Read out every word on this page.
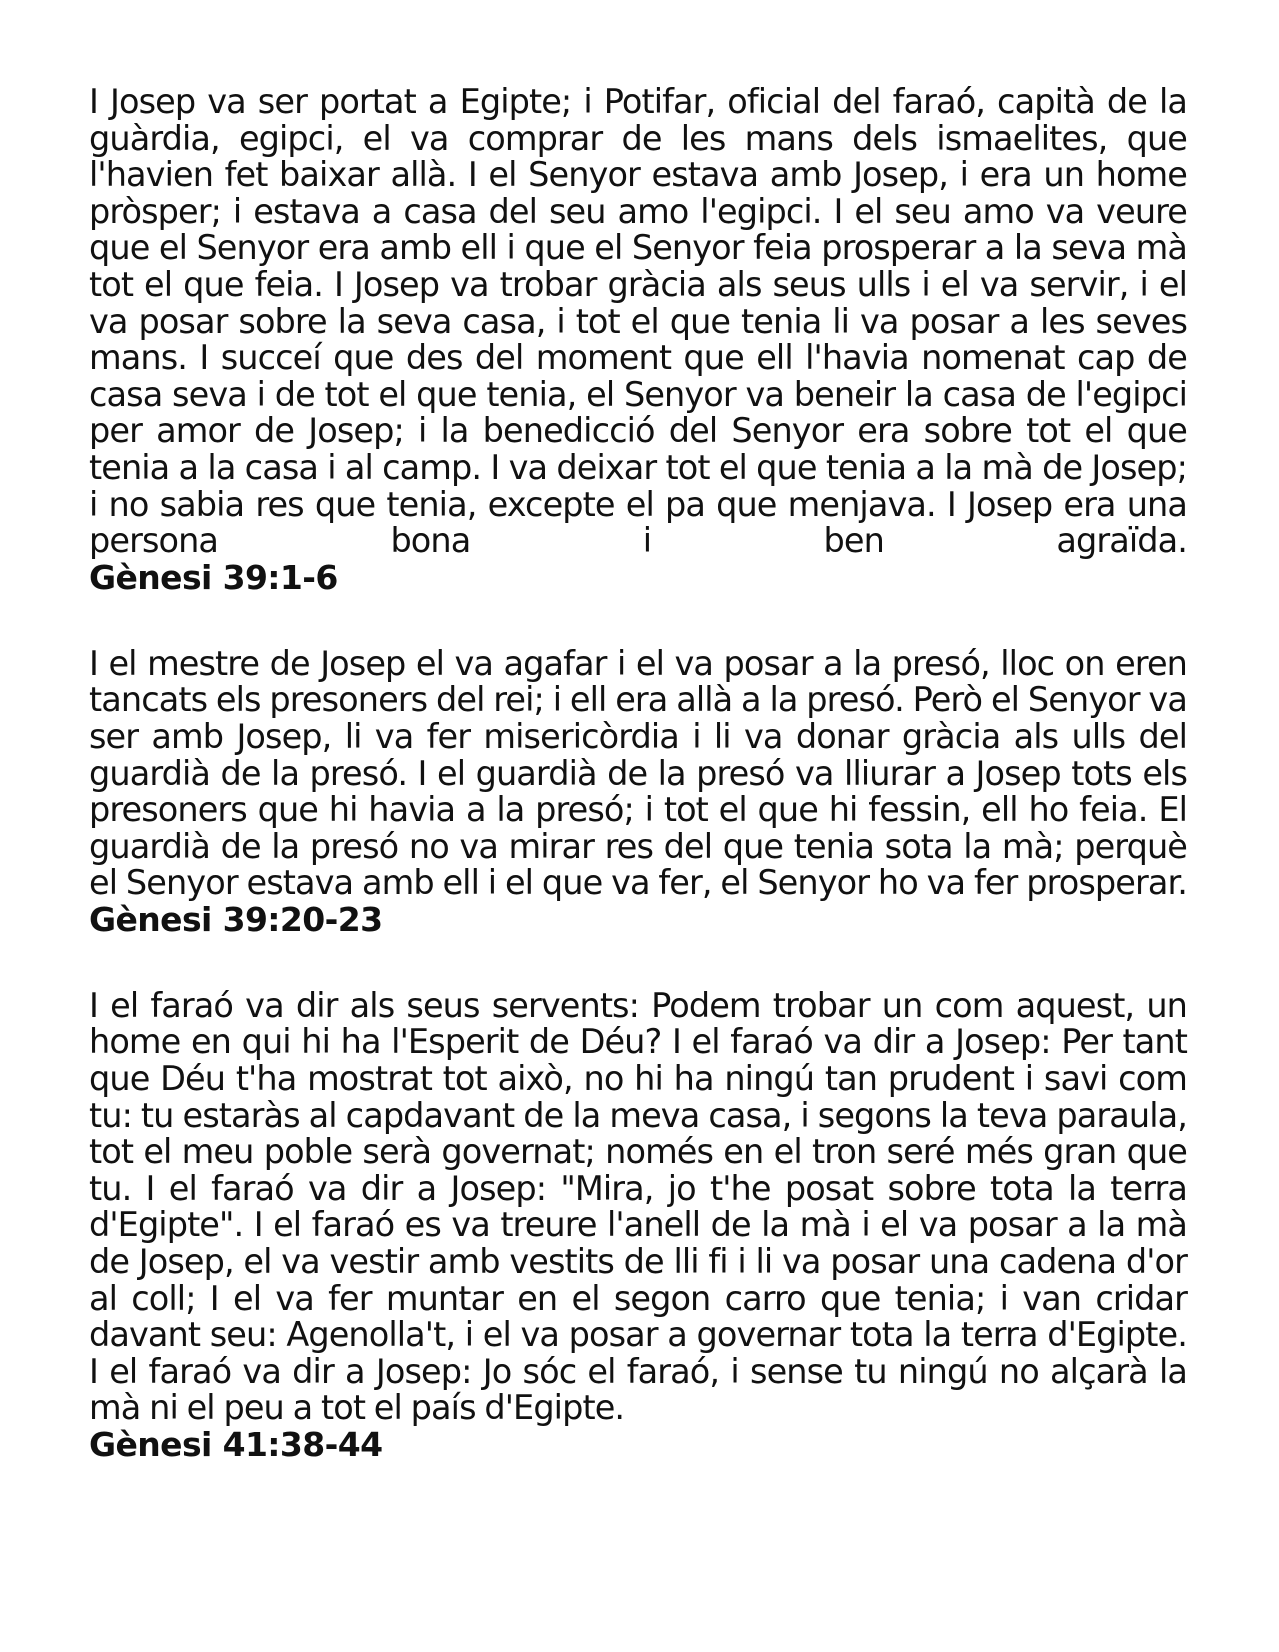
I Josep va ser portat a Egipte; i Potifar, oficial del faraó, capità de la guàrdia, egipci, el va comprar de les mans dels ismaelites, que l'havien fet baixar allà. I el Senyor estava amb Josep, i era un home pròsper; i estava a casa del seu amo l'egipci. I el seu amo va veure que el Senyor era amb ell i que el Senyor feia prosperar a la seva mà tot el que feia. I Josep va trobar gràcia als seus ulls i el va servir, i el va posar sobre la seva casa, i tot el que tenia li va posar a les seves mans. I succeí que des del moment que ell l'havia nomenat cap de casa seva i de tot el que tenia, el Senyor va beneir la casa de l'egipci per amor de Josep; i la benedicció del Senyor era sobre tot el que tenia a la casa i al camp. I va deixar tot el que tenia a la mà de Josep; i no sabia res que tenia, excepte el pa que menjava. I Josep era una persona bona i ben agraïda.

Gènesi 39:1-6

I el mestre de Josep el va agafar i el va posar a la presó, lloc on eren tancats els presoners del rei; i ell era allà a la presó. Però el Senyor va ser amb Josep, li va fer misericòrdia i li va donar gràcia als ulls del guardià de la presó. I el guardià de la presó va lliurar a Josep tots els presoners que hi havia a la presó; i tot el que hi fessin, ell ho feia. El guardià de la presó no va mirar res del que tenia sota la mà; perquè el Senyor estava amb ell i el que va fer, el Senyor ho va fer prosperar.

Gènesi 39:20-23

I el faraó va dir als seus servents: Podem trobar un com aquest, un home en qui hi ha l'Esperit de Déu? I el faraó va dir a Josep: Per tant que Déu t'ha mostrat tot això, no hi ha ningú tan prudent i savi com tu: tu estaràs al capdavant de la meva casa, i segons la teva paraula, tot el meu poble serà governat; només en el tron seré més gran que tu. I el faraó va dir a Josep: "Mira, jo t'he posat sobre tota la terra d'Egipte". I el faraó es va treure l'anell de la mà i el va posar a la mà de Josep, el va vestir amb vestits de lli fi i li va posar una cadena d'or al coll; I el va fer muntar en el segon carro que tenia; i van cridar davant seu: Agenolla't, i el va posar a governar tota la terra d'Egipte. I el faraó va dir a Josep: Jo sóc el faraó, i sense tu ningú no alçarà la mà ni el peu a tot el país d'Egipte.

Gènesi 41:38-44
